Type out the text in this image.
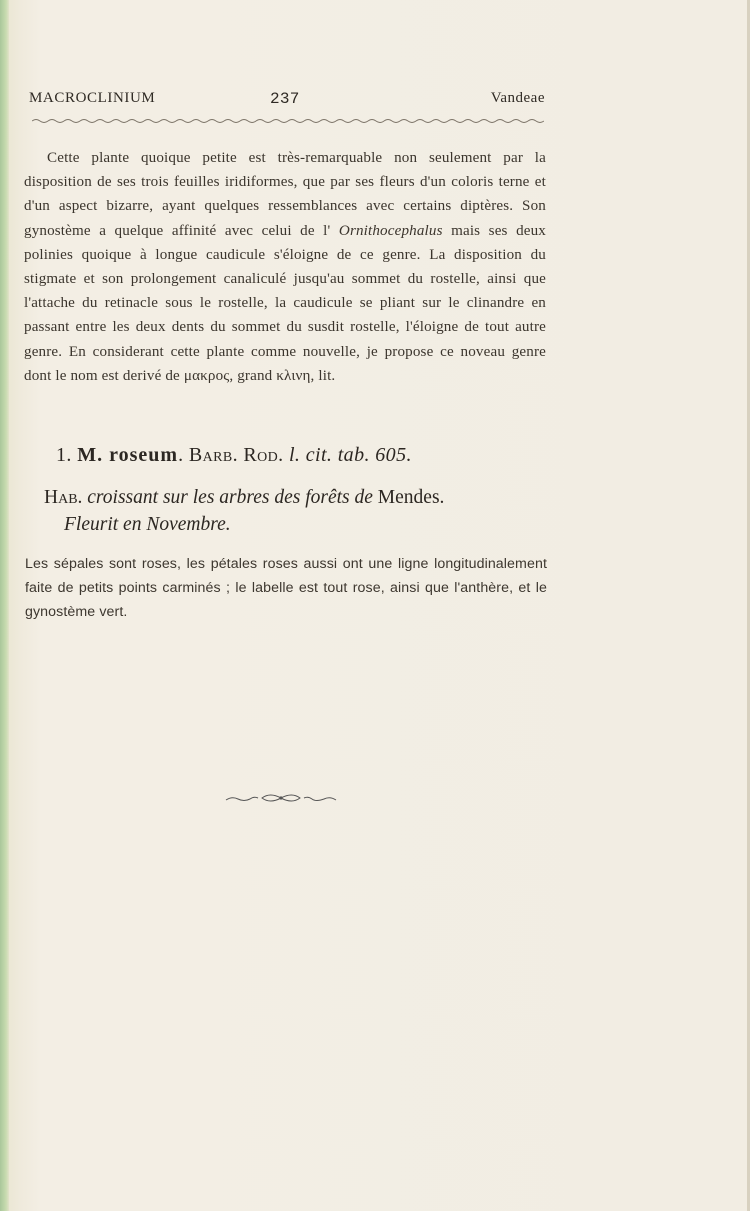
MACROCLINIUM	237	Vandeae

Cette plante quoique petite est très-remarquable non seulement par la disposition de ses trois feuilles iridiformes, que par ses fleurs d'un coloris terne et d'un aspect bizarre, ayant quelques ressemblances avec certains diptères. Son gynostème a quelque affinité avec celui de l' Ornithocephalus mais ses deux polinies quoique à longue caudicule s'éloigne de ce genre. La disposition du stigmate et son prolongement canaliculé jusqu'au sommet du rostelle, ainsi que l'attache du retinacle sous le rostelle, la caudicule se pliant sur le clinandre en passant entre les deux dents du sommet du susdit rostelle, l'éloigne de tout autre genre. En considerant cette plante comme nouvelle, je propose ce noveau genre dont le nom est derivé de μακρος, grand κλινη, lit.

1. M. roseum. Barb. Rod. l. cit. tab. 605.
Hab. croissant sur les arbres des forêts de Mendes.
Fleurit en Novembre.

Les sépales sont roses, les pétales roses aussi ont une ligne longitudinalement faite de petits points carminés ; le labelle est tout rose, ainsi que l'anthère, et le gynostème vert.
